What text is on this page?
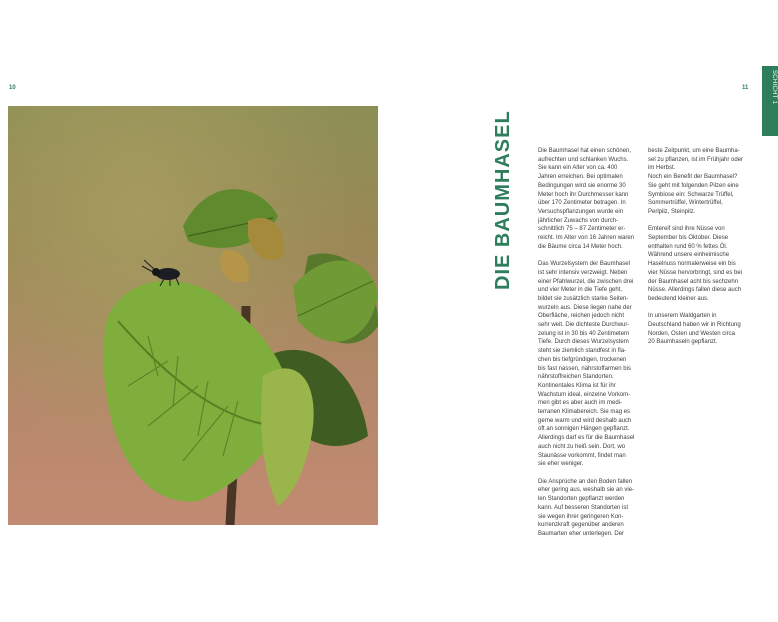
10	11	SCHICHT 1
DIE BAUMHASEL	Die Baumhasel hat einen schönen,
aufrechten und schlanken Wuchs.
Sie kann ein Alter von ca. 400
Jahren erreichen. Bei optimalen
Bedingungen wird sie enorme 30
Meter hoch ihr Durchmesser kann
über 170 Zentimeter betragen. In
Versuchspflanzungen wurde ein
jährlicher Zuwachs von durch-
schnittlich 75 – 87 Zentimeter er-
reicht. Im Alter von 16 Jahren waren
die Bäume circa 14 Meter hoch.

Das Wurzelsystem der Baumhasel
ist sehr intensiv verzweigt. Neben
einer Pfahlwurzel, die zwischen drei
und vier Meter in die Tiefe geht,
bildet sie zusätzlich starke Seiten-
wurzeln aus. Diese liegen nahe der
Oberfläche, reichen jedoch nicht
sehr weit. Die dichteste Durchwur-
zelung ist in 30 bis 40 Zentimetern
Tiefe. Durch dieses Wurzelsystem
steht sie ziemlich standfest in fla-
chen bis tiefgründigen, trockenen
bis fast nassen, nährstoffarmen bis
nährstoffreichen Standorten.
Kontinentales Klima ist für ihr
Wachstum ideal, einzelne Vorkom-
men gibt es aber auch im medi-
terranen Klimabereich. Sie mag es
gerne warm und wird deshalb auch
oft an sonnigen Hängen gepflanzt.
Allerdings darf es für die Baumhasel
auch nicht zu heiß sein. Dort, wo
Staunässe vorkommt, findet man
sie eher weniger.

Die Ansprüche an den Boden fallen
eher gering aus, weshalb sie an vie-
len Standorten gepflanzt werden
kann. Auf besseren Standorten ist
sie wegen ihrer geringeren Kon-
kurrenzkraft gegenüber anderen
Baumarten eher unterlegen. Der

beste Zeitpunkt, um eine Baumha-
sel zu pflanzen, ist im Frühjahr oder
im Herbst.
Noch ein Benefit der Baumhasel?
Sie geht mit folgenden Pilzen eine
Symbiose ein: Schwarze Trüffel,
Sommertrüffel, Wintertrüffel,
Perlpilz, Steinpilz.

Emtereif sind ihre Nüsse von
September bis Oktober. Diese
enthalten rund 60 % fettes Öl.
Während unsere einheimische
Haselnuss normalerweise ein bis
vier Nüsse hervorbringt, sind es bei
der Baumhasel acht bis sechzehn
Nüsse. Allerdings fallen diese auch
bedeutend kleiner aus.

In unserem Waldgarten in
Deutschland haben wir in Richtung
Norden, Osten und Westen circa
20 Baumhaseln gepflanzt.
